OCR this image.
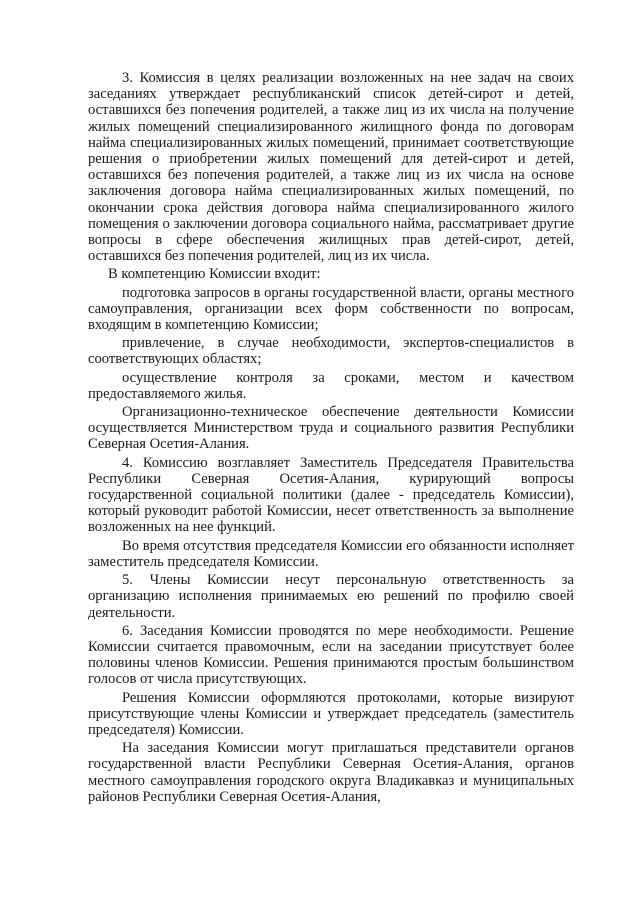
3. Комиссия в целях реализации возложенных на нее задач на своих заседаниях утверждает республиканский список детей-сирот и детей, оставшихся без попечения родителей, а также лиц из их числа на получение жилых помещений специализированного жилищного фонда по договорам найма специализированных жилых помещений, принимает соответствующие решения о приобретении жилых помещений для детей-сирот и детей, оставшихся без попечения родителей, а также лиц из их числа на основе заключения договора найма специализированных жилых помещений, по окончании срока действия договора найма специализированного жилого помещения о заключении договора социального найма, рассматривает другие вопросы в сфере обеспечения жилищных прав детей-сирот, детей, оставшихся без попечения родителей, лиц из их числа.

В компетенцию Комиссии входит:

подготовка запросов в органы государственной власти, органы местного самоуправления, организации всех форм собственности по вопросам, входящим в компетенцию Комиссии;

привлечение, в случае необходимости, экспертов-специалистов в соответствующих областях;

осуществление контроля за сроками, местом и качеством предоставляемого жилья.

Организационно-техническое обеспечение деятельности Комиссии осуществляется Министерством труда и социального развития Республики Северная Осетия-Алания.

4. Комиссию возглавляет Заместитель Председателя Правительства Республики Северная Осетия-Алания, курирующий вопросы государственной социальной политики (далее - председатель Комиссии), который руководит работой Комиссии, несет ответственность за выполнение возложенных на нее функций.

Во время отсутствия председателя Комиссии его обязанности исполняет заместитель председателя Комиссии.

5. Члены Комиссии несут персональную ответственность за организацию исполнения принимаемых ею решений по профилю своей деятельности.

6. Заседания Комиссии проводятся по мере необходимости. Решение Комиссии считается правомочным, если на заседании присутствует более половины членов Комиссии. Решения принимаются простым большинством голосов от числа присутствующих.

Решения Комиссии оформляются протоколами, которые визируют присутствующие члены Комиссии и утверждает председатель (заместитель председателя) Комиссии.

На заседания Комиссии могут приглашаться представители органов государственной власти Республики Северная Осетия-Алания, органов местного самоуправления городского округа Владикавказ и муниципальных районов Республики Северная Осетия-Алания,
